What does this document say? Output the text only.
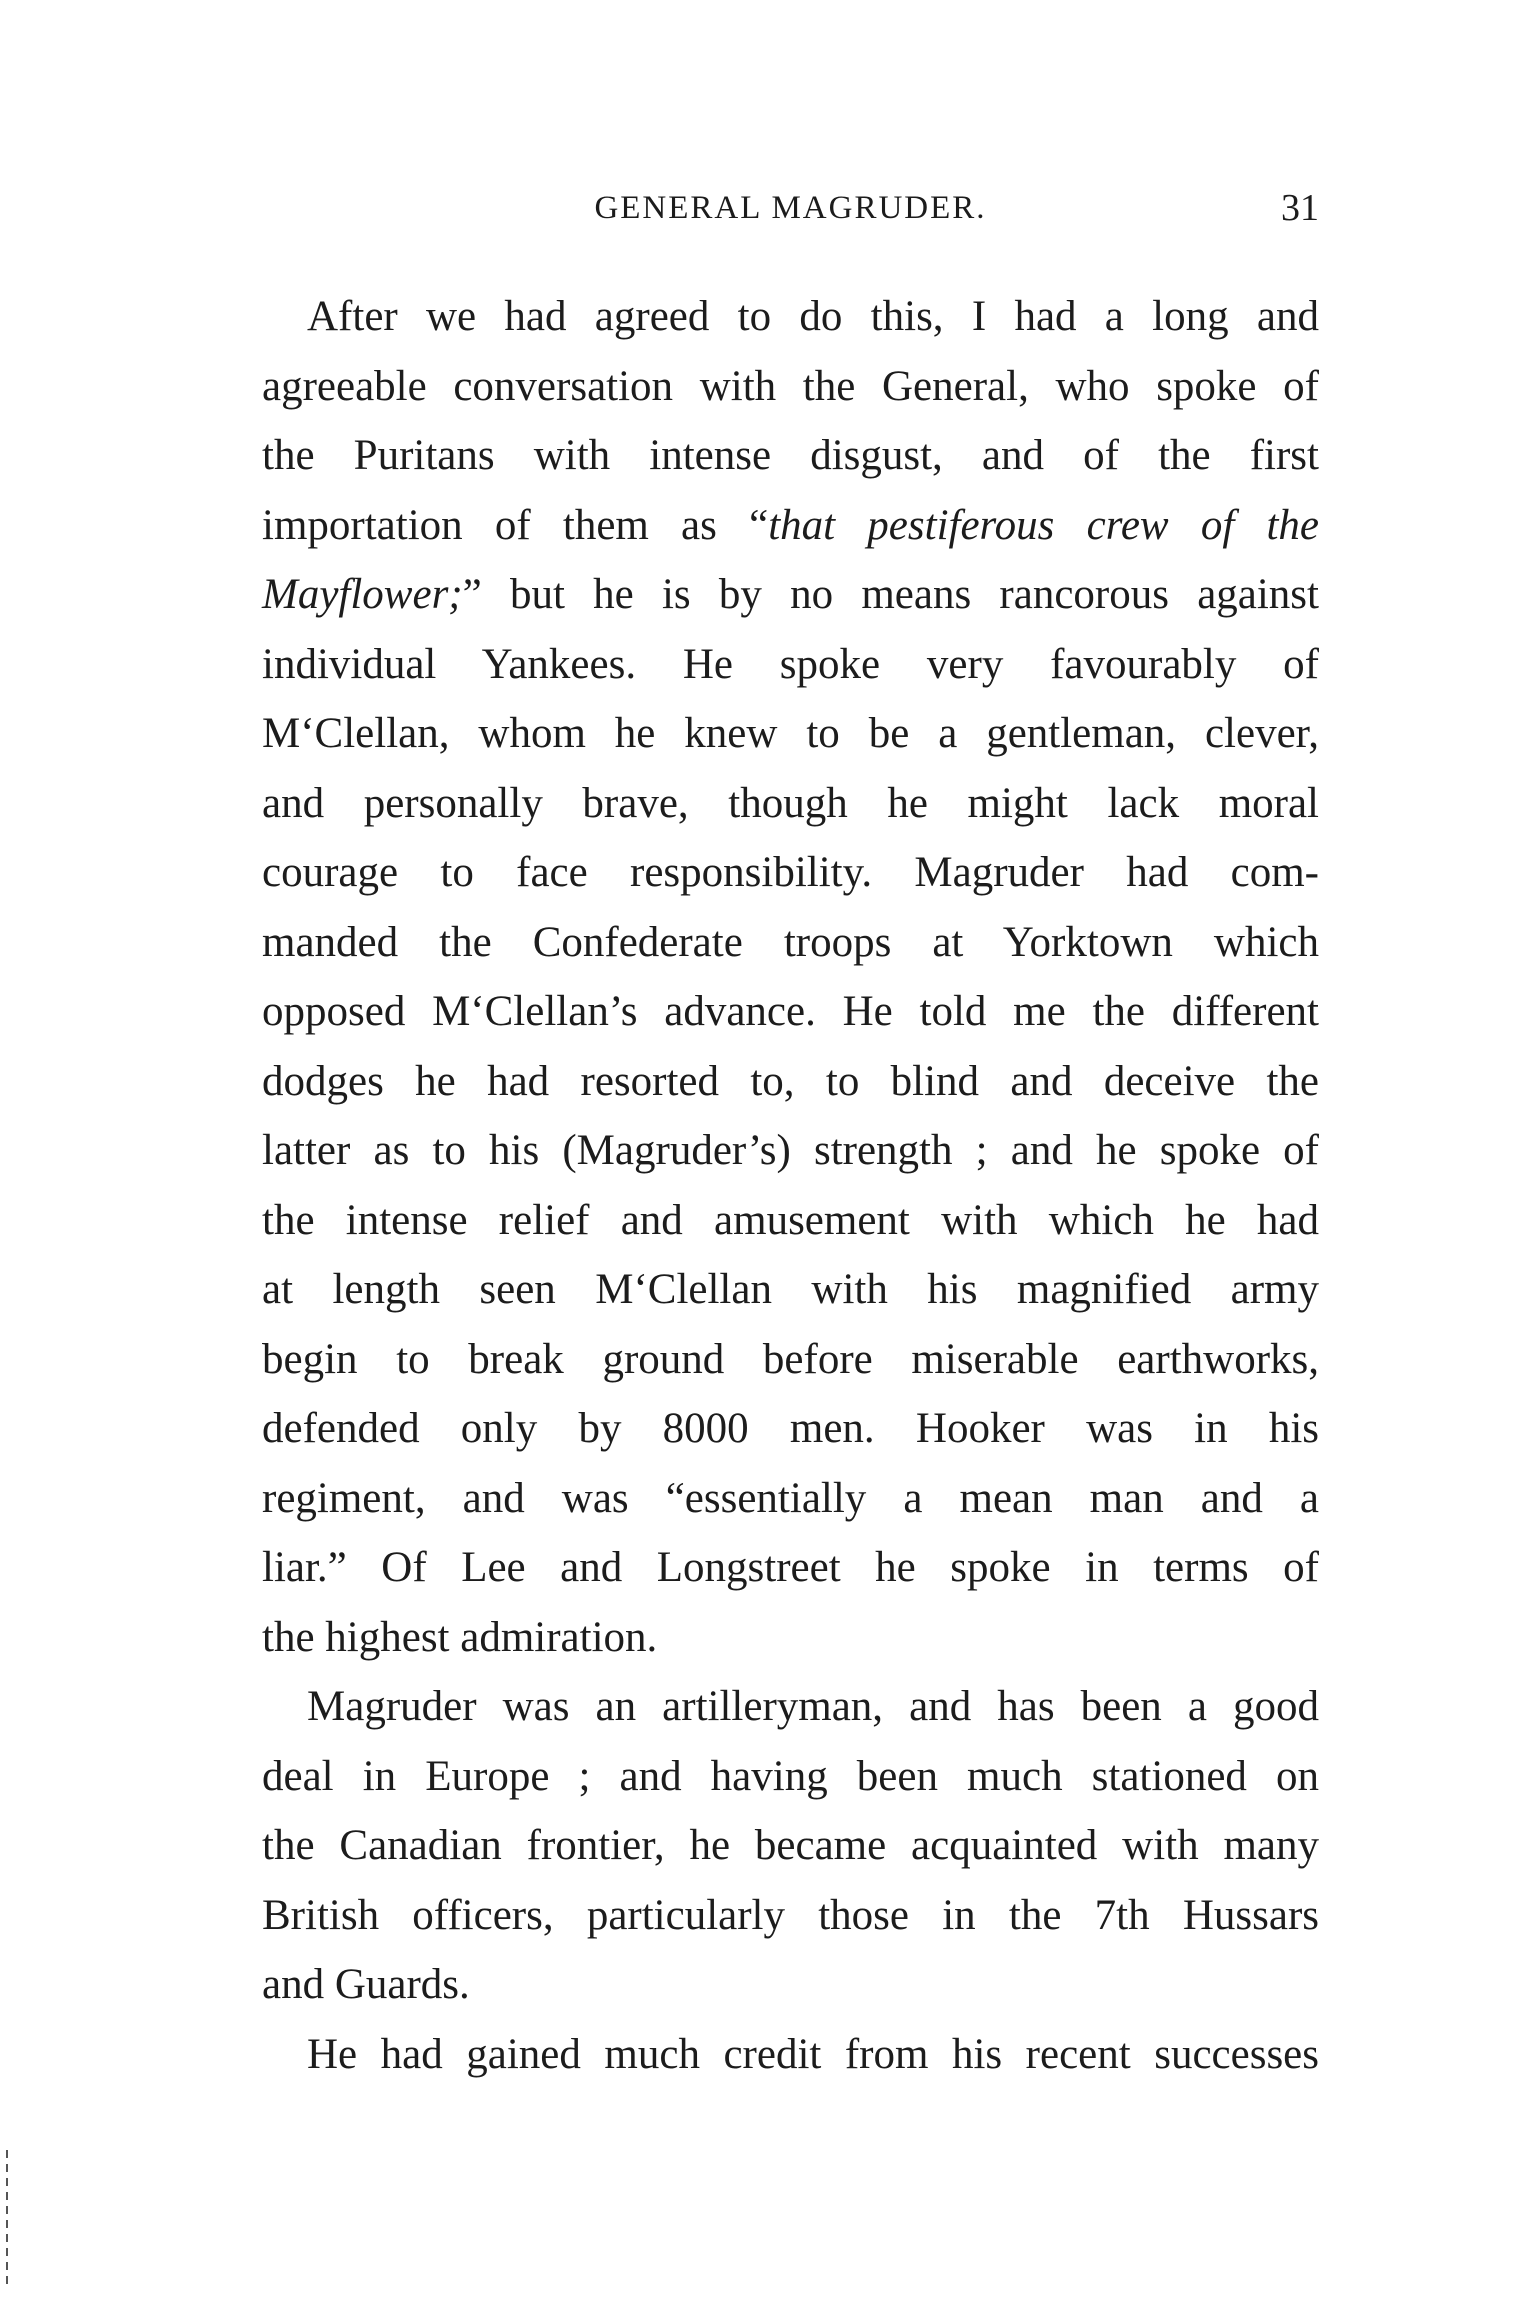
GENERAL MAGRUDER.	31
After we had agreed to do this, I had a long and
agreeable conversation with the General, who spoke of
the Puritans with intense disgust, and of the first
importation of them as “that pestiferous crew of the
Mayflower;” but he is by no means rancorous against
individual Yankees. He spoke very favourably of
M‘Clellan, whom he knew to be a gentleman, clever,
and personally brave, though he might lack moral
courage to face responsibility. Magruder had com-
manded the Confederate troops at Yorktown which
opposed M‘Clellan’s advance. He told me the different
dodges he had resorted to, to blind and deceive the
latter as to his (Magruder’s) strength ; and he spoke of
the intense relief and amusement with which he had
at length seen M‘Clellan with his magnified army
begin to break ground before miserable earthworks,
defended only by 8000 men. Hooker was in his
regiment, and was “essentially a mean man and a
liar.” Of Lee and Longstreet he spoke in terms of
the highest admiration.
Magruder was an artilleryman, and has been a good
deal in Europe ; and having been much stationed on
the Canadian frontier, he became acquainted with many
British officers, particularly those in the 7th Hussars
and Guards.
He had gained much credit from his recent successes
